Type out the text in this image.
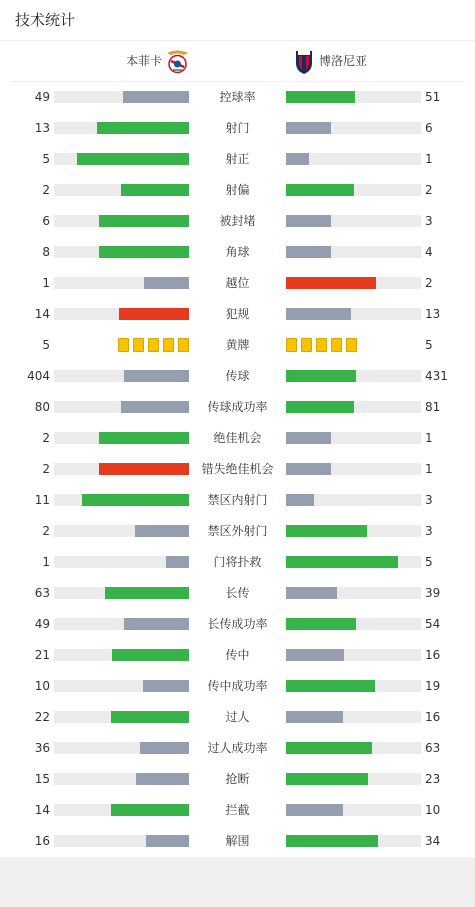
技术统计
本菲卡	博洛尼亚
49	控球率	51
13	射门	6
5	射正	1
2	射偏	2
6	被封堵	3
8	角球	4
1	越位	2
14	犯规	13
5	黄牌	5
404	传球	431
80	传球成功率	81
2	绝佳机会	1
2	错失绝佳机会	1
11	禁区内射门	3
2	禁区外射门	3
1	门将扑救	5
63	长传	39
49	长传成功率	54
21	传中	16
10	传中成功率	19
22	过人	16
36	过人成功率	63
15	抢断	23
14	拦截	10
16	解围	34
